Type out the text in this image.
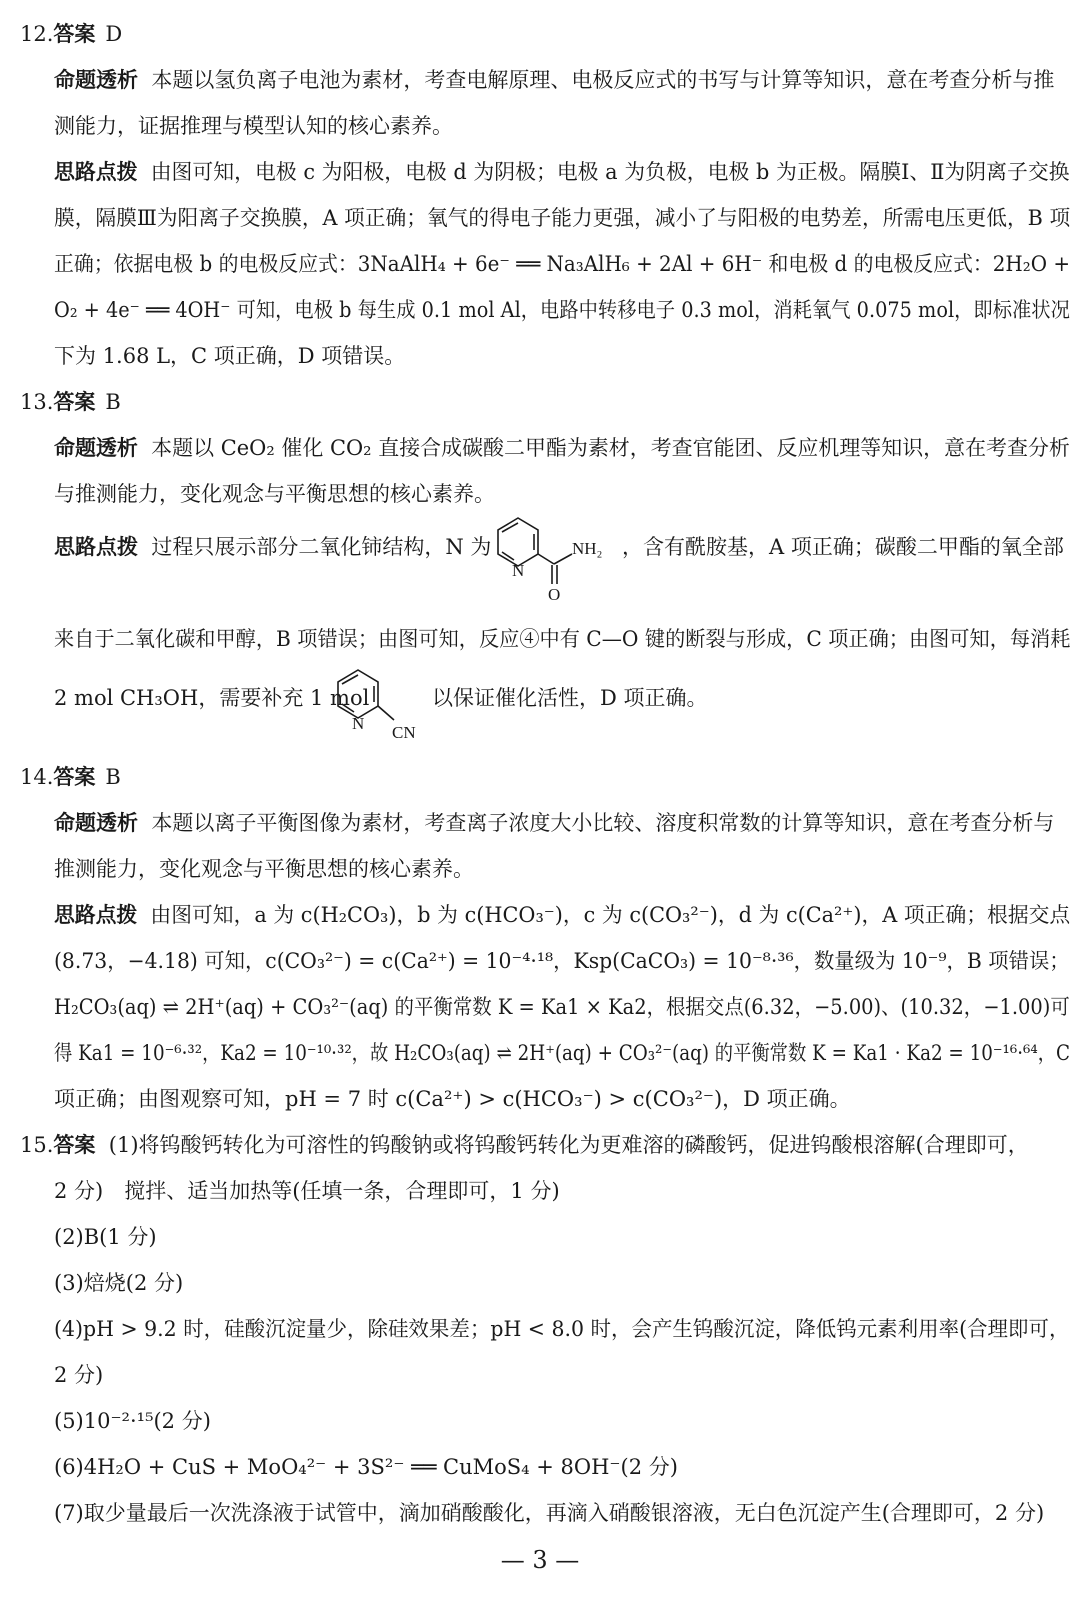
12.答案 D
命题透析 本题以氢负离子电池为素材，考查电解原理、电极反应式的书写与计算等知识，意在考查分析与推
测能力，证据推理与模型认知的核心素养。
思路点拨 由图可知，电极 c 为阳极，电极 d 为阴极；电极 a 为负极，电极 b 为正极。隔膜Ⅰ、Ⅱ为阴离子交换
膜，隔膜Ⅲ为阳离子交换膜，A 项正确；氧气的得电子能力更强，减小了与阳极的电势差，所需电压更低，B 项
正确；依据电极 b 的电极反应式：3NaAlH₄ + 6e⁻ ══ Na₃AlH₆ + 2Al + 6H⁻ 和电极 d 的电极反应式：2H₂O +
O₂ + 4e⁻ ══ 4OH⁻ 可知，电极 b 每生成 0.1 mol Al，电路中转移电子 0.3 mol，消耗氧气 0.075 mol，即标准状况
下为 1.68 L，C 项正确，D 项错误。
13.答案 B
命题透析 本题以 CeO₂ 催化 CO₂ 直接合成碳酸二甲酯为素材，考查官能团、反应机理等知识，意在考查分析
与推测能力，变化观念与平衡思想的核心素养。
思路点拨 过程只展示部分二氧化铈结构，N 为
N
NH₂
O
，含有酰胺基，A 项正确；碳酸二甲酯的氧全部
来自于二氧化碳和甲醇，B 项错误；由图可知，反应④中有 C—O 键的断裂与形成，C 项正确；由图可知，每消耗
2 mol CH₃OH，需要补充 1 mol
N CN
以保证催化活性，D 项正确。
14.答案 B
命题透析 本题以离子平衡图像为素材，考查离子浓度大小比较、溶度积常数的计算等知识，意在考查分析与
推测能力，变化观念与平衡思想的核心素养。
思路点拨 由图可知，a 为 c(H₂CO₃)，b 为 c(HCO₃⁻)，c 为 c(CO₃²⁻)，d 为 c(Ca²⁺)，A 项正确；根据交点
(8.73，−4.18) 可知，c(CO₃²⁻) = c(Ca²⁺) = 10⁻⁴·¹⁸，Ksp(CaCO₃) = 10⁻⁸·³⁶，数量级为 10⁻⁹，B 项错误；
H₂CO₃(aq) ⇌ 2H⁺(aq) + CO₃²⁻(aq) 的平衡常数 K = Ka1 × Ka2，根据交点(6.32，−5.00)、(10.32，−1.00)可
得 Ka1 = 10⁻⁶·³²，Ka2 = 10⁻¹⁰·³²，故 H₂CO₃(aq) ⇌ 2H⁺(aq) + CO₃²⁻(aq) 的平衡常数 K = Ka1 · Ka2 = 10⁻¹⁶·⁶⁴，C
项正确；由图观察可知，pH = 7 时 c(Ca²⁺) > c(HCO₃⁻) > c(CO₃²⁻)，D 项正确。
15.答案 (1)将钨酸钙转化为可溶性的钨酸钠或将钨酸钙转化为更难溶的磷酸钙，促进钨酸根溶解(合理即可，
2 分)　搅拌、适当加热等(任填一条，合理即可，1 分)
(2)B(1 分)
(3)焙烧(2 分)
(4)pH > 9.2 时，硅酸沉淀量少，除硅效果差；pH < 8.0 时，会产生钨酸沉淀，降低钨元素利用率(合理即可，
2 分)
(5)10⁻²·¹⁵(2 分)
(6)4H₂O + CuS + MoO₄²⁻ + 3S²⁻ ══ CuMoS₄ + 8OH⁻(2 分)
(7)取少量最后一次洗涤液于试管中，滴加硝酸酸化，再滴入硝酸银溶液，无白色沉淀产生(合理即可，2 分)
— 3 —
